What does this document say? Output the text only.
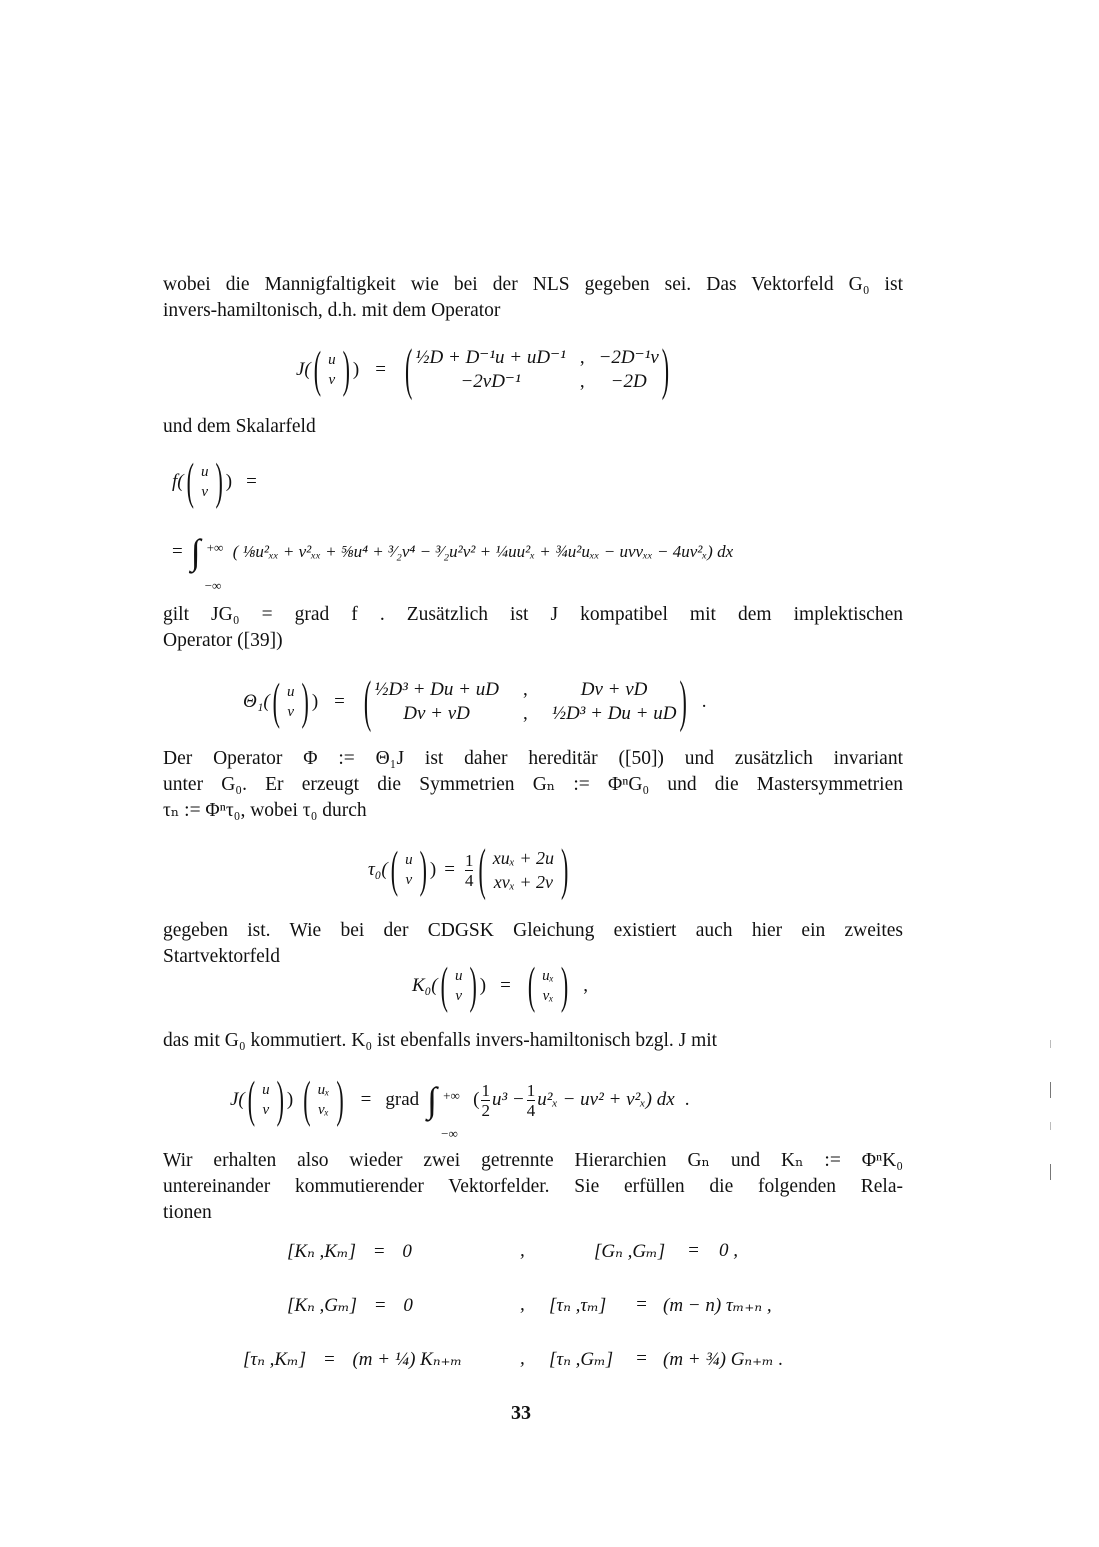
wobei die Mannigfaltigkeit wie bei der NLS gegeben sei. Das Vektorfeld G₀ ist
invers-hamiltonisch, d.h. mit dem Operator
J( ( u
v ) ) = ( ½D + D⁻¹u + uD⁻¹ , −2D⁻¹v
−2vD⁻¹	,	−2D )
und dem Skalarfeld
f( ( u
v ) ) =
= ∫ +∞
−∞
( ⅛u²ₓₓ + v²ₓₓ + ⅝u⁴ + ³⁄₂v⁴ − ³⁄₂u²v² + ¼uu²ₓ + ¾u²uₓₓ − uvvₓₓ − 4uv²ₓ) dx
gilt JG₀ = grad f . Zusätzlich ist J kompatibel mit dem implektischen
Operator ([39])
Θ₁( ( u
v ) ) = ( ½D³ + Du + uD ,	Dv + vD
Dv + vD	, ½D³ + Du + uD ) .
Der Operator Φ := Θ₁J ist daher hereditär ([50]) und zusätzlich invariant
unter G₀. Er erzeugt die Symmetrien Gₙ := ΦⁿG₀ und die Mastersymmetrien
τₙ := Φⁿτ₀, wobei τ₀ durch
τ₀( ( u
v ) ) = 1
4 ( xuₓ + 2u
xvₓ + 2v )
gegeben ist. Wie bei der CDGSK Gleichung existiert auch hier ein zweites
Startvektorfeld
K₀( ( u
v ) ) = ( uₓ
vₓ ) ,
das mit G₀ kommutiert. K₀ ist ebenfalls invers-hamiltonisch bzgl. J mit
J( ( u
v ) ) ( uₓ
vₓ ) = grad ∫ +∞
−∞
( 1
2 u³ − 1
4 u²ₓ − uv² + v²ₓ) dx .
Wir erhalten also wieder zwei getrennte Hierarchien Gₙ und Kₙ := ΦⁿK₀
untereinander kommutierender Vektorfelder. Sie erfüllen die folgenden Rela-
tionen
[Kₙ ,Kₘ] = 0	,	[Gₙ ,Gₘ] = 0 ,
[Kₙ ,Gₘ] = 0	, [τₙ ,τₘ] = (m − n) τₘ₊ₙ ,
[τₙ ,Kₘ] = (m + ¼) Kₙ₊ₘ	, [τₙ ,Gₘ] = (m + ¾) Gₙ₊ₘ .
33
